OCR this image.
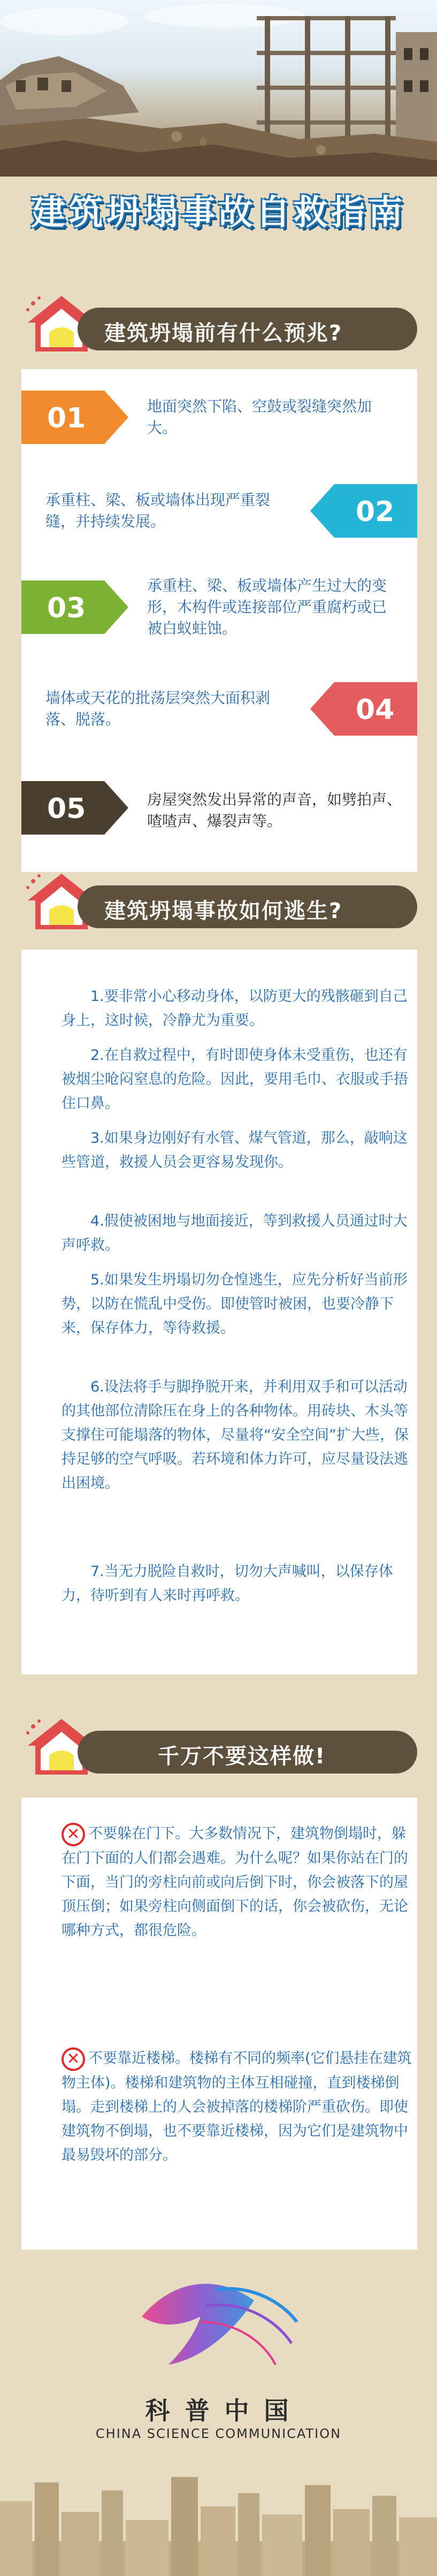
建筑坍塌事故自救指南
建筑坍塌前有什么预兆?
01	地面突然下陷、空鼓或裂缝突然加大。
02
承重柱、梁、板或墙体出现严重裂缝，并持续发展。
03
承重柱、梁、板或墙体产生过大的变形，木构件或连接部位严重腐朽或已被白蚁蛀蚀。
04
墙体或天花的批荡层突然大面积剥落、脱落。
05	房屋突然发出异常的声音，如劈拍声、喳喳声、爆裂声等。
建筑坍塌事故如何逃生?
1.要非常小心移动身体，以防更大的残骸砸到自己身上，这时候，冷静尤为重要。
2.在自救过程中，有时即使身体未受重伤，也还有被烟尘呛闷窒息的危险。因此，要用毛巾、衣服或手捂住口鼻。
3.如果身边刚好有水管、煤气管道，那么，敲响这些管道，救援人员会更容易发现你。
4.假使被困地与地面接近，等到救援人员通过时大声呼救。
5.如果发生坍塌切勿仓惶逃生，应先分析好当前形势，以防在慌乱中受伤。即使管时被困，也要冷静下来，保存体力，等待救援。
6.设法将手与脚挣脱开来，并利用双手和可以活动的其他部位清除压在身上的各种物体。用砖块、木头等支撑住可能塌落的物体，尽量将“安全空间”扩大些，保持足够的空气呼吸。若环境和体力许可，应尽量设法逃出困境。
7.当无力脱险自救时，切勿大声喊叫，以保存体力，待听到有人来时再呼救。
千万不要这样做!
✕ 不要躲在门下。大多数情况下，建筑物倒塌时，躲在门下面的人们都会遇难。为什么呢？如果你站在门的下面，当门的旁柱向前或向后倒下时，你会被落下的屋顶压倒；如果旁柱向侧面倒下的话，你会被砍伤，无论哪种方式，都很危险。
✕ 不要靠近楼梯。楼梯有不同的频率(它们悬挂在建筑物主体)。楼梯和建筑物的主体互相碰撞，直到楼梯倒塌。走到楼梯上的人会被掉落的楼梯阶严重砍伤。即使建筑物不倒塌，也不要靠近楼梯，因为它们是建筑物中最易毁坏的部分。
科 普 中 国
CHINA SCIENCE COMMUNICATION
